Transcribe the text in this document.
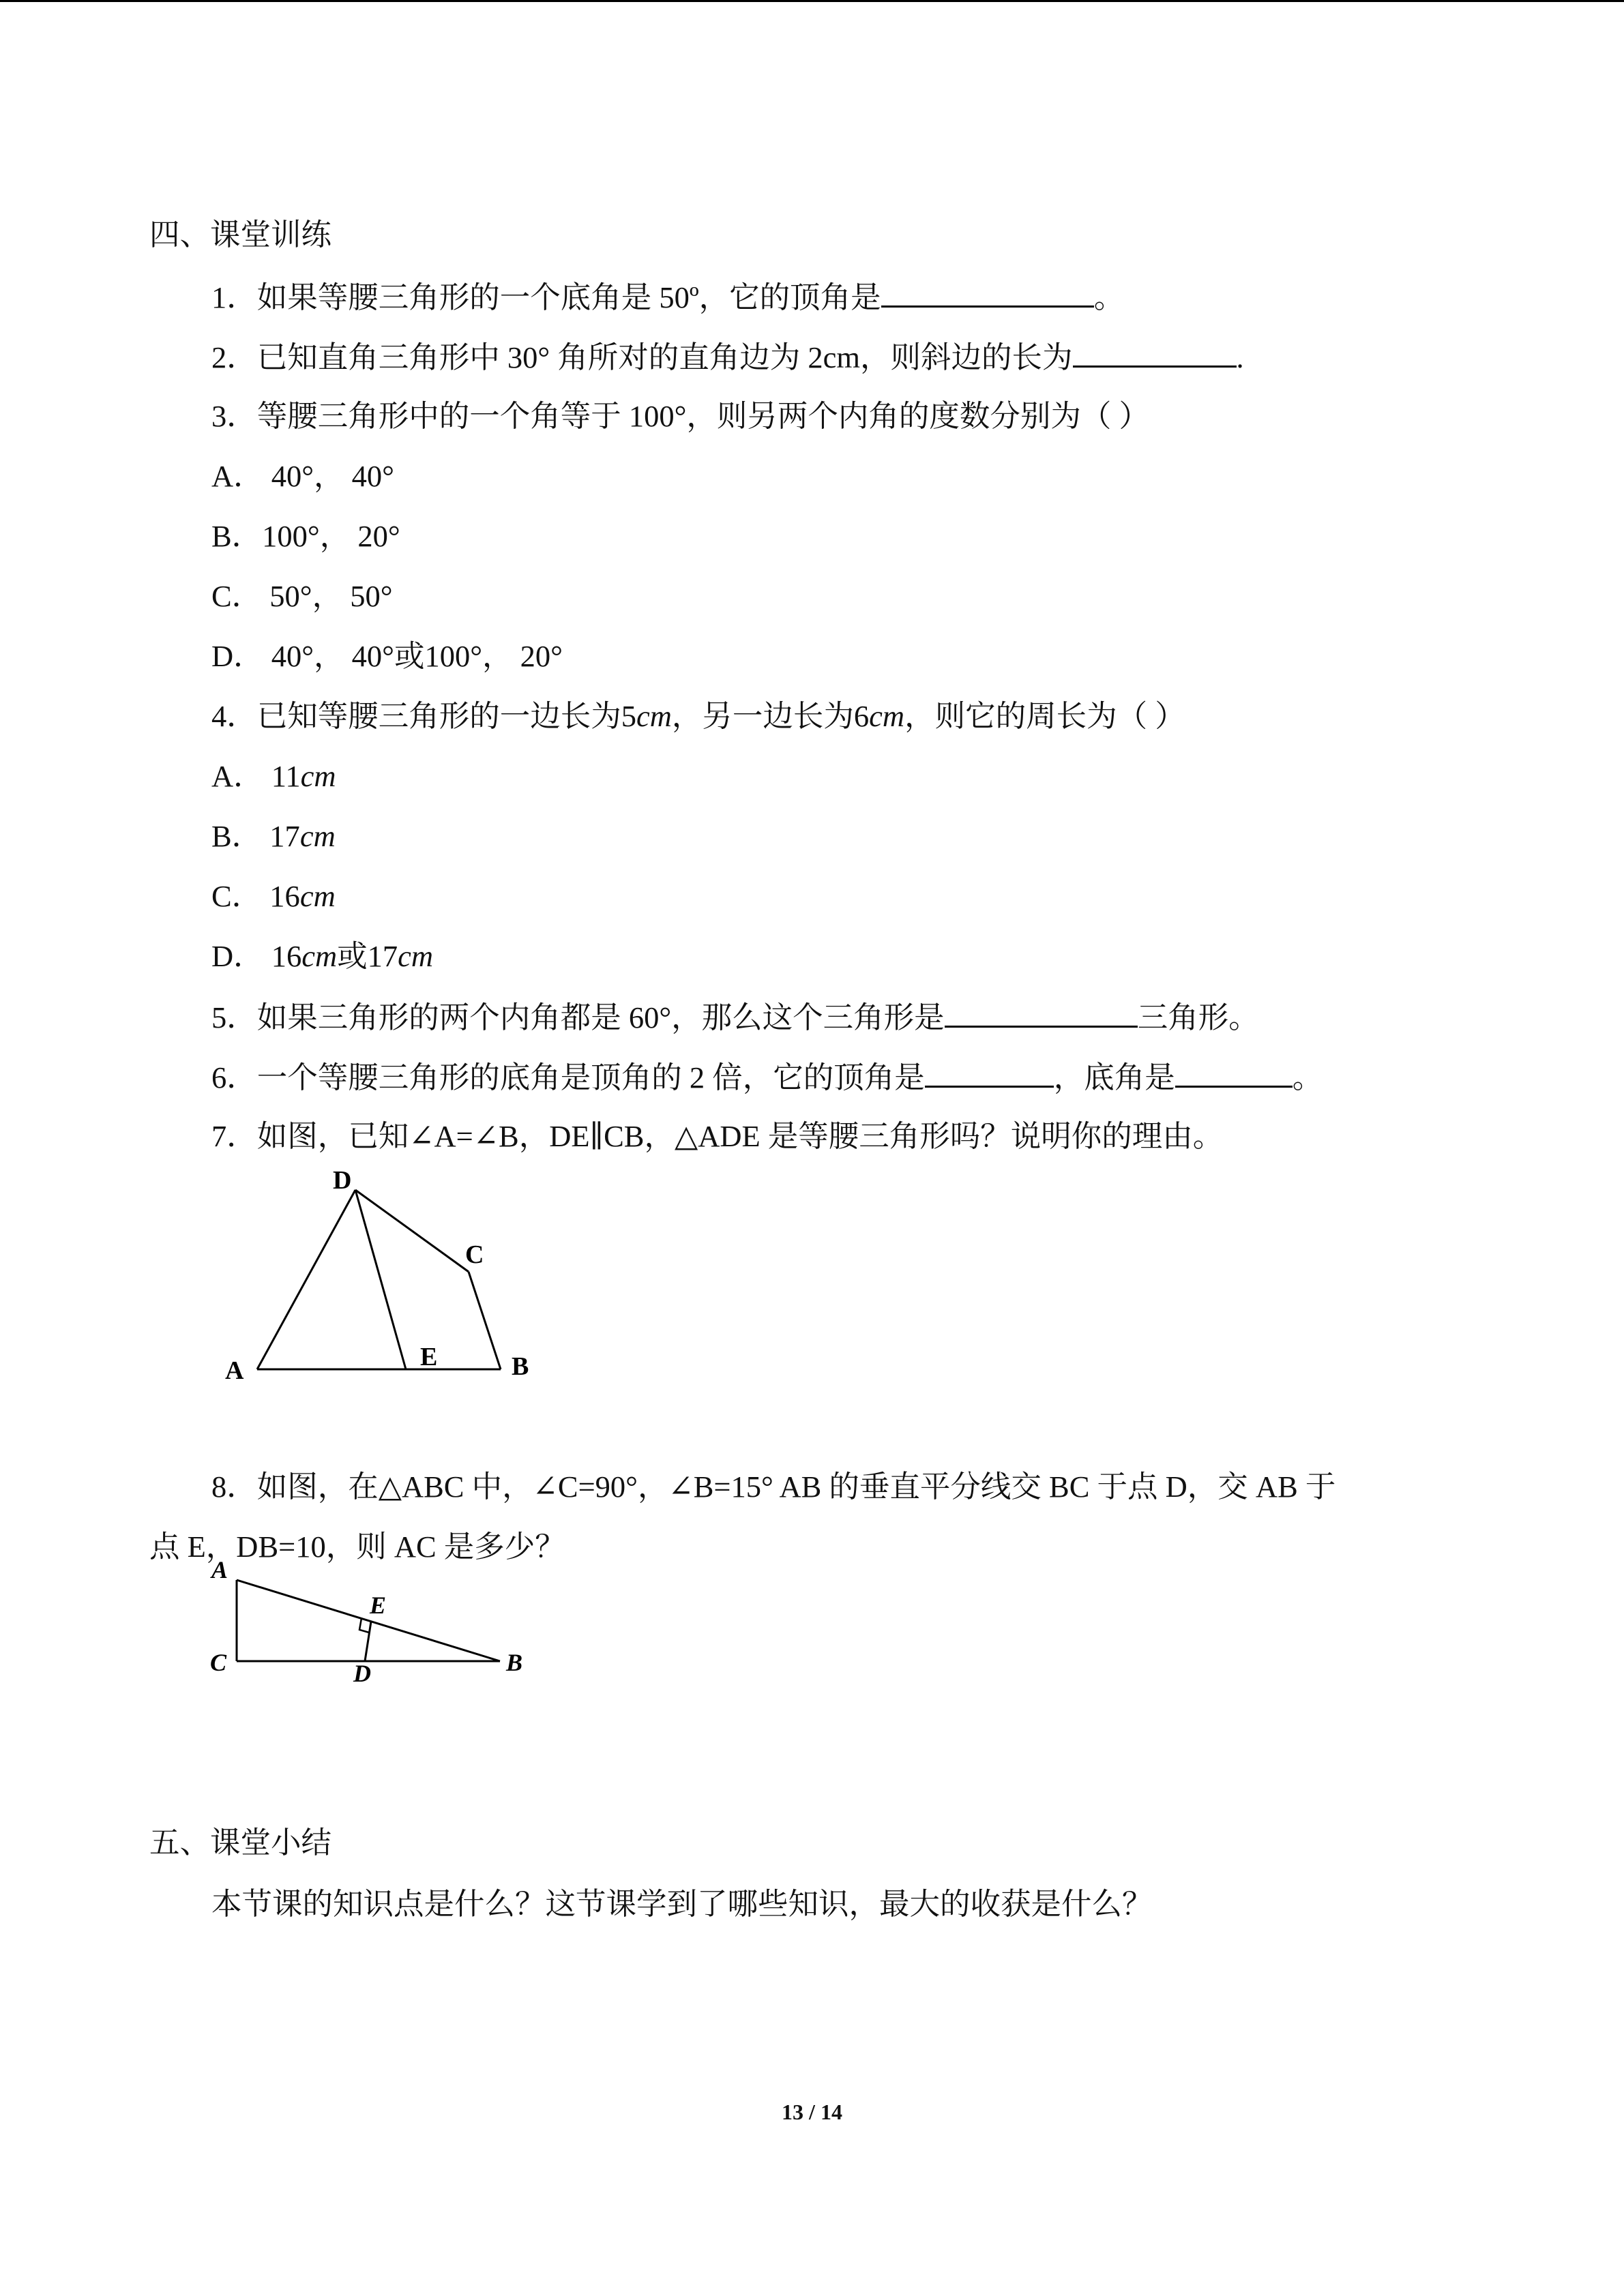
四、课堂训练
1．如果等腰三角形的一个底角是 50º，它的顶角是	。
2．已知直角三角形中 30° 角所对的直角边为 2cm，则斜边的长为	.
3．等腰三角形中的一个角等于 100°，则另两个内角的度数分别为（ ）
A． 40°， 40°
B．100°， 20°
C． 50°， 50°
D． 40°， 40°或100°， 20°
4．已知等腰三角形的一边长为5cm，另一边长为6cm，则它的周长为（ ）
A． 11cm
B． 17cm
C． 16cm
D． 16cm或17cm
5．如果三角形的两个内角都是 60°，那么这个三角形是	三角形。
6．一个等腰三角形的底角是顶角的 2 倍，它的顶角是	，底角是	。
7．如图，已知∠A=∠B，DE∥CB，△ADE 是等腰三角形吗？说明你的理由。
A	B
C
D
E
8．如图，在△ABC 中，∠C=90°，∠B=15° AB 的垂直平分线交 BC 于点 D，交 AB 于
点 E，DB=10，则 AC 是多少？
A
B
C	D
E
五、课堂小结
本节课的知识点是什么？这节课学到了哪些知识，最大的收获是什么？
13 / 14
